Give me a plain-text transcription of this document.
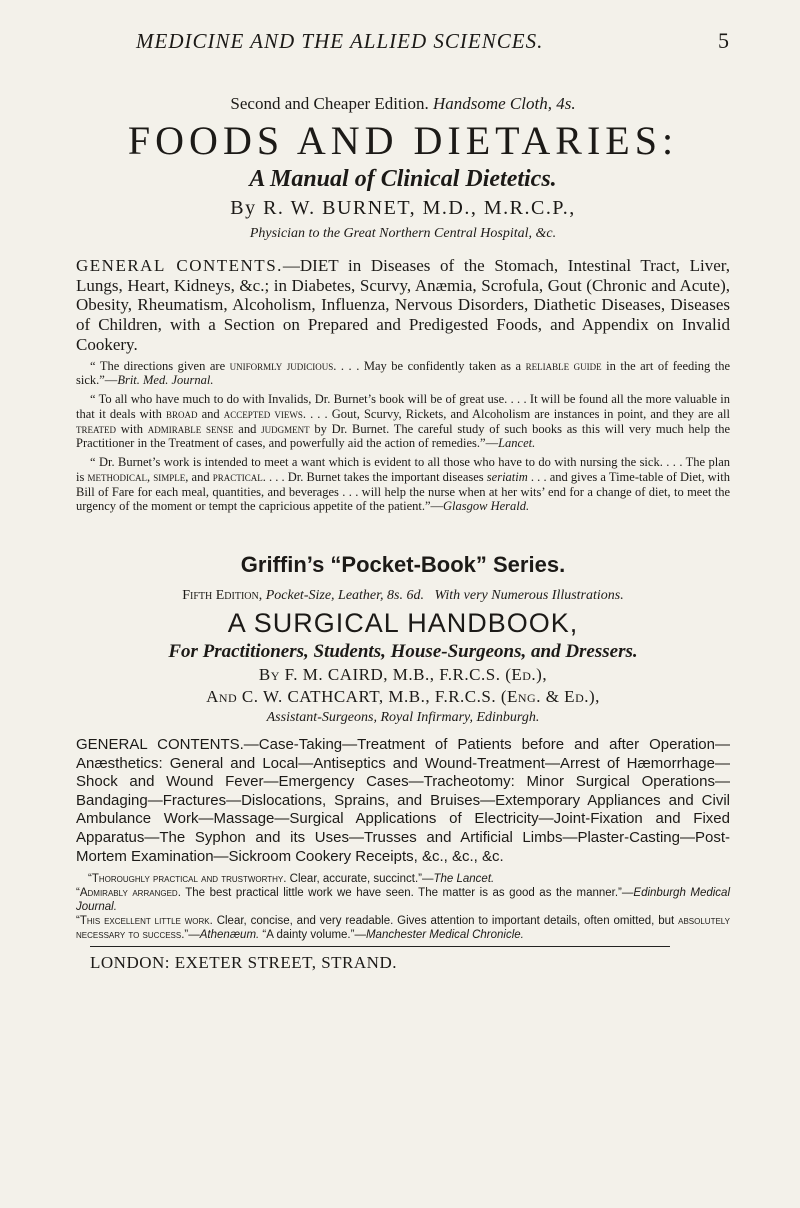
MEDICINE AND THE ALLIED SCIENCES.	5
Second and Cheaper Edition. Handsome Cloth, 4s.
FOODS AND DIETARIES:
A Manual of Clinical Dietetics.
By R. W. BURNET, M.D., M.R.C.P.,
Physician to the Great Northern Central Hospital, &c.
GENERAL CONTENTS.—DIET in Diseases of the Stomach, Intestinal Tract, Liver, Lungs, Heart, Kidneys, &c.; in Diabetes, Scurvy, Anæmia, Scrofula, Gout (Chronic and Acute), Obesity, Rheumatism, Alcoholism, Influenza, Nervous Disorders, Diathetic Diseases, Diseases of Children, with a Section on Prepared and Predigested Foods, and Appendix on Invalid Cookery.
“ The directions given are uniformly judicious. . . . May be confidently taken as a reliable guide in the art of feeding the sick.”—Brit. Med. Journal.
“ To all who have much to do with Invalids, Dr. Burnet’s book will be of great use. . . . It will be found all the more valuable in that it deals with broad and accepted views. . . . Gout, Scurvy, Rickets, and Alcoholism are instances in point, and they are all treated with admirable sense and judgment by Dr. Burnet. The careful study of such books as this will very much help the Practitioner in the Treatment of cases, and powerfully aid the action of remedies.”—Lancet.
“ Dr. Burnet’s work is intended to meet a want which is evident to all those who have to do with nursing the sick. . . . The plan is methodical, simple, and practical. . . . Dr. Burnet takes the important diseases seriatim . . . and gives a Time-table of Diet, with Bill of Fare for each meal, quantities, and beverages . . . will help the nurse when at her wits’ end for a change of diet, to meet the urgency of the moment or tempt the capricious appetite of the patient.”—Glasgow Herald.
Griffin’s “Pocket-Book” Series.
Fifth Edition, Pocket-Size, Leather, 8s. 6d. With very Numerous Illustrations.
A SURGICAL HANDBOOK,
For Practitioners, Students, House-Surgeons, and Dressers.
By F. M. CAIRD, M.B., F.R.C.S. (Ed.),
And C. W. CATHCART, M.B., F.R.C.S. (Eng. & Ed.),
Assistant-Surgeons, Royal Infirmary, Edinburgh.
GENERAL CONTENTS.—Case-Taking—Treatment of Patients before and after Operation—Anæsthetics: General and Local—Antiseptics and Wound-Treatment—Arrest of Hæmorrhage—Shock and Wound Fever—Emergency Cases—Tracheotomy: Minor Surgical Operations—Bandaging—Fractures—Dislocations, Sprains, and Bruises—Extemporary Appliances and Civil Ambulance Work—Massage—Surgical Applications of Electricity—Joint-Fixation and Fixed Apparatus—The Syphon and its Uses—Trusses and Artificial Limbs—Plaster-Casting—Post-Mortem Examination—Sickroom Cookery Receipts, &c., &c., &c.
“Thoroughly practical and trustworthy. Clear, accurate, succinct.”—The Lancet.
“Admirably arranged. The best practical little work we have seen. The matter is as good as the manner.”—Edinburgh Medical Journal.
“This excellent little work. Clear, concise, and very readable. Gives attention to important details, often omitted, but absolutely necessary to success.”—Athenæum. “A dainty volume.”—Manchester Medical Chronicle.
LONDON: EXETER STREET, STRAND.
